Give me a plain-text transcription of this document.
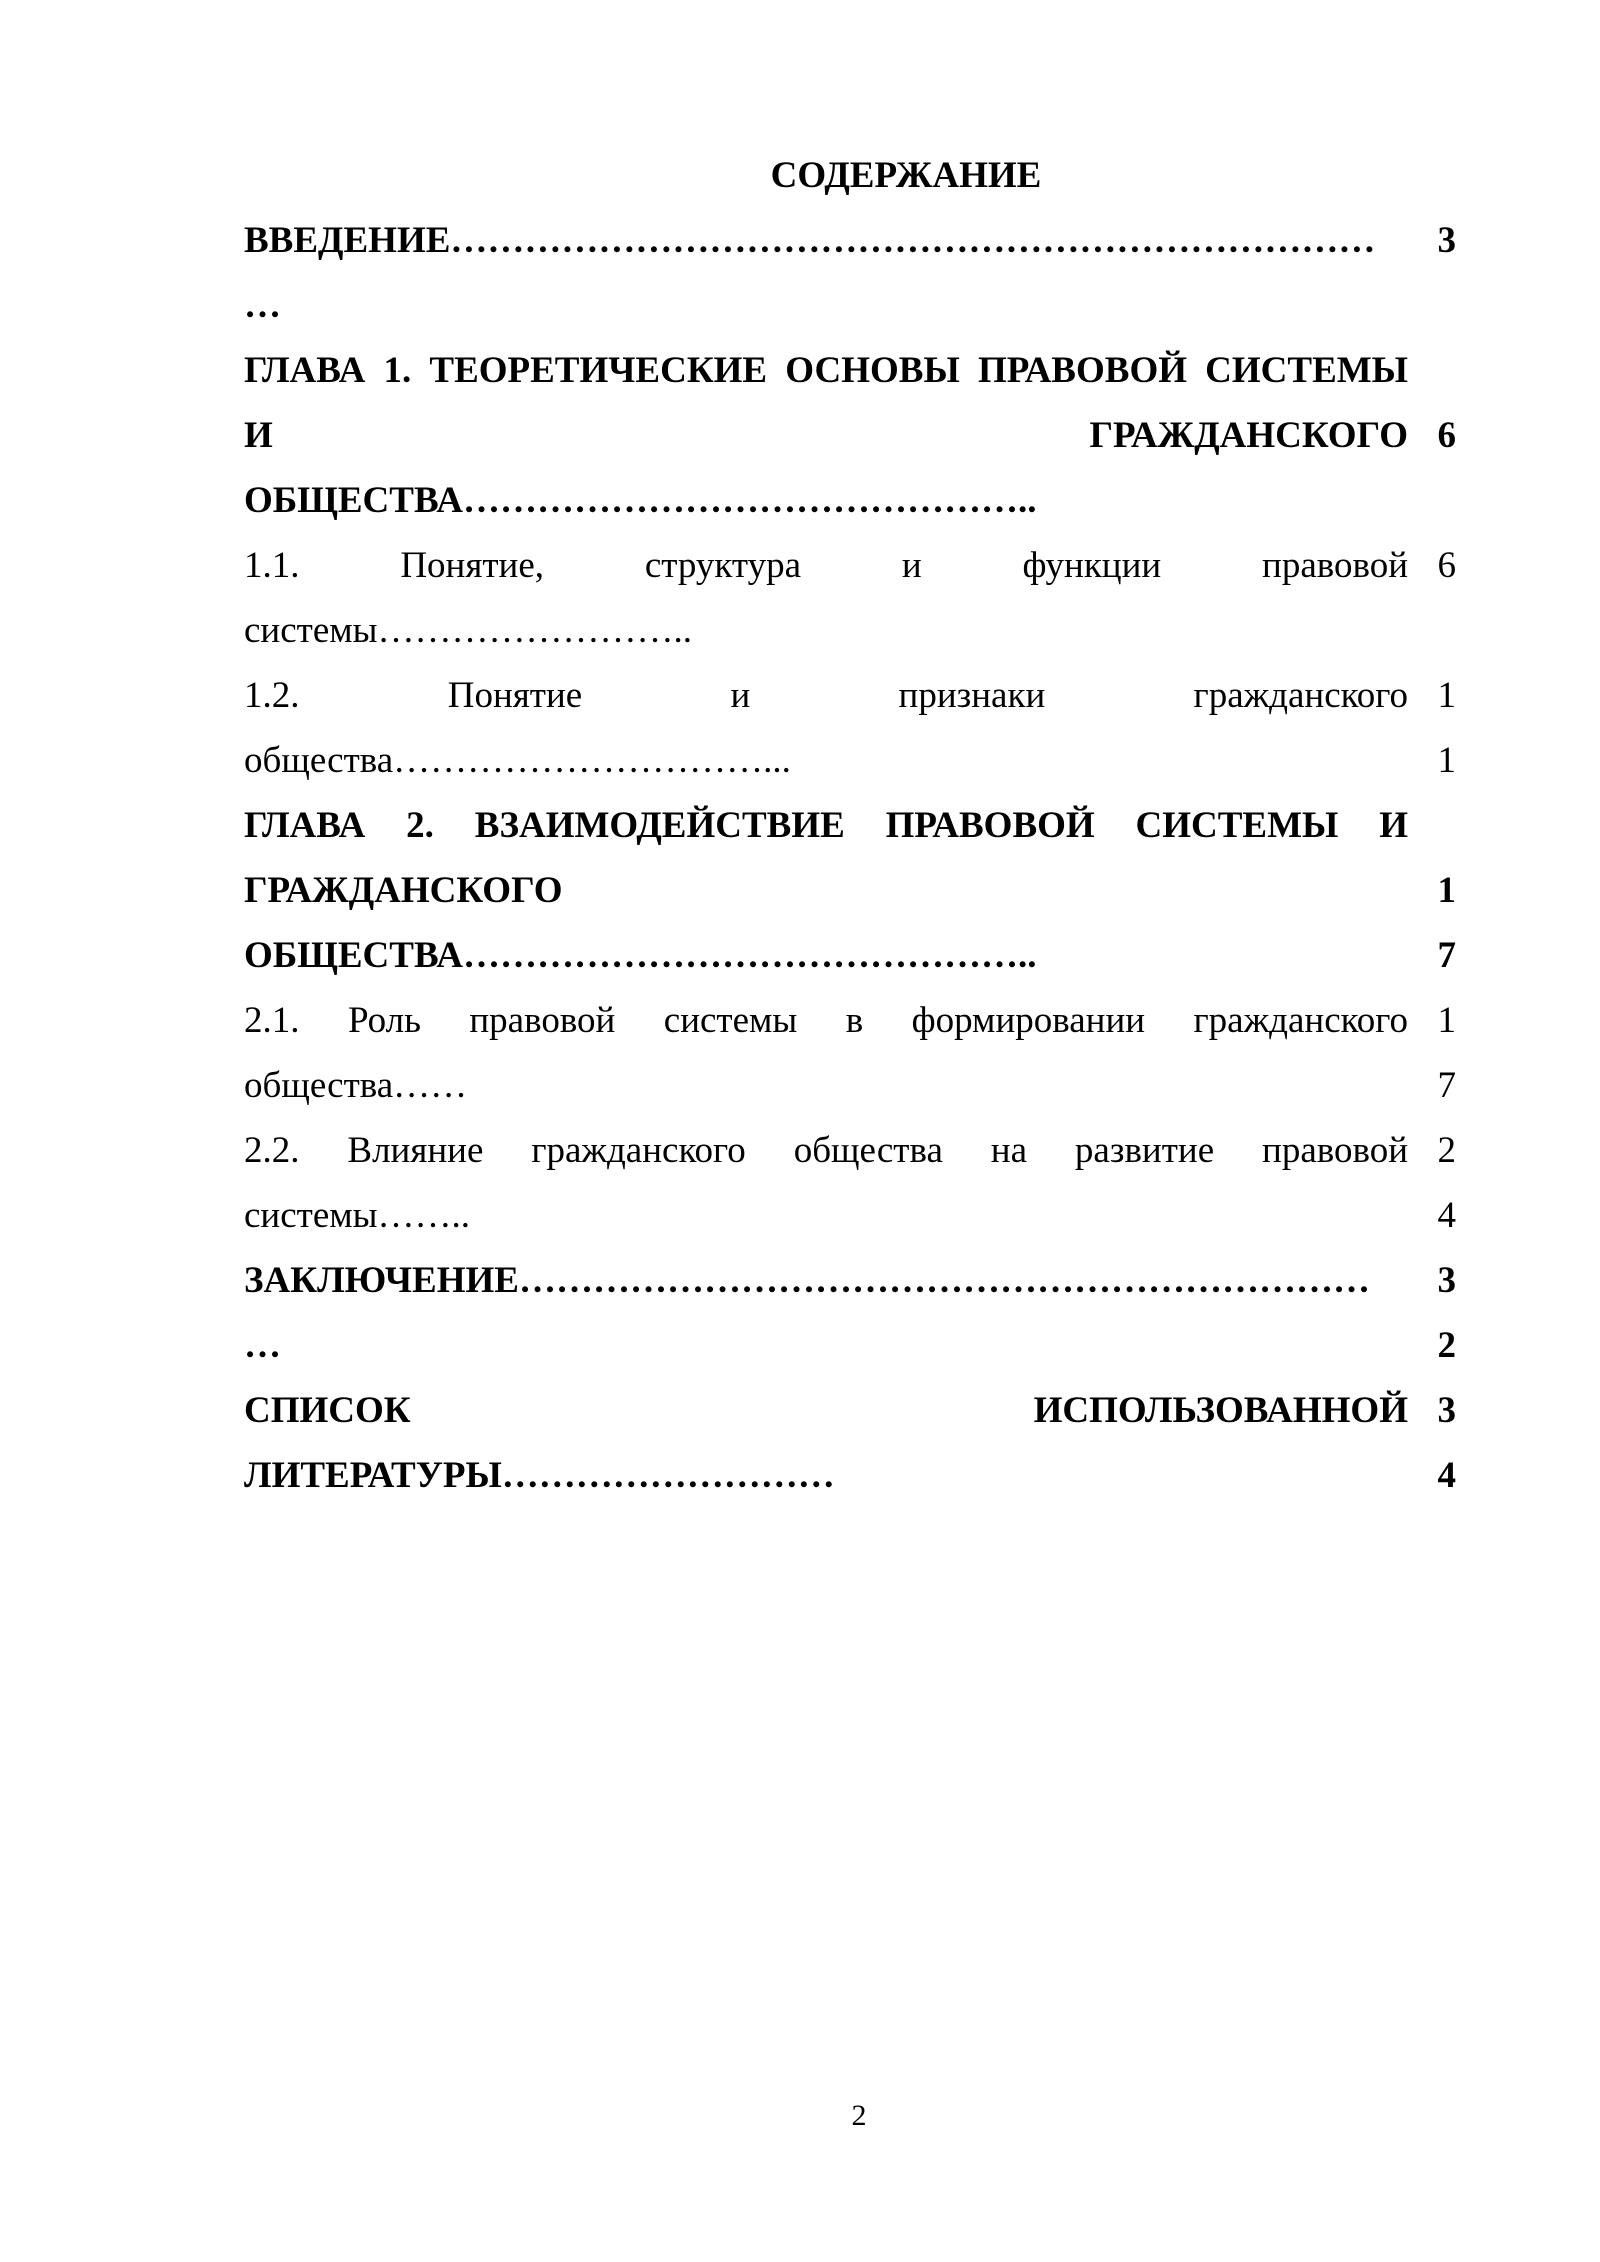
СОДЕРЖАНИЕ
ВВЕДЕНИЕ…………………………………………………………………
…
3

ГЛАВА 1. ТЕОРЕТИЧЕСКИЕ ОСНОВЫ ПРАВОВОЙ СИСТЕМЫ
И ГРАЖДАНСКОГО
ОБЩЕСТВА………………………………………..

6

1.1. Понятие, структура и функции правовой
системы……………………..
6

1.2. Понятие и признаки гражданского
общества…………………………...
1
1
ГЛАВА 2. ВЗАИМОДЕЙСТВИЕ ПРАВОВОЙ СИСТЕМЫ И
ГРАЖДАНСКОГО
ОБЩЕСТВА………………………………………..

1
7
2.1. Роль правовой системы в формировании гражданского
общества……
1
7
2.2. Влияние гражданского общества на развитие правовой
системы……..
2
4
ЗАКЛЮЧЕНИЕ……………………………………………………………
…
3
2
СПИСОК ИСПОЛЬЗОВАННОЙ
ЛИТЕРАТУРЫ………………………
3
4
2
